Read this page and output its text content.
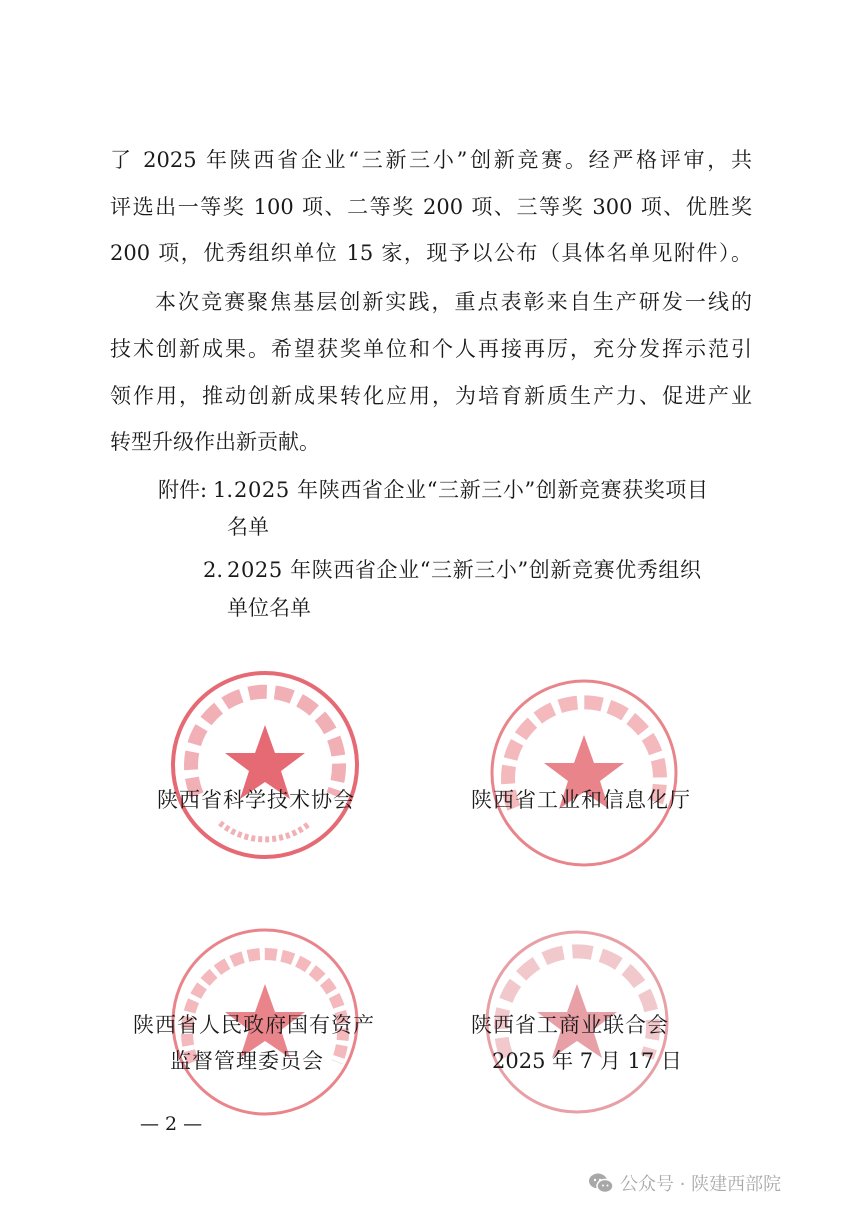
了 2025 年陕西省企业“三新三小”创新竞赛。经严格评审，共
评选出一等奖 100 项、二等奖 200 项、三等奖 300 项、优胜奖
200 项，优秀组织单位 15 家，现予以公布（具体名单见附件）。
本次竞赛聚焦基层创新实践，重点表彰来自生产研发一线的
技术创新成果。希望获奖单位和个人再接再厉，充分发挥示范引
领作用，推动创新成果转化应用，为培育新质生产力、促进产业
转型升级作出新贡献。
附件: 1. 2025 年陕西省企业“三新三小”创新竞赛获奖项目
名单
2. 2025 年陕西省企业“三新三小”创新竞赛优秀组织
单位名单
陕西省科学技术协会	陕西省工业和信息化厅
陕西省人民政府国有资产
监督管理委员会
陕西省工商业联合会
2025 年 7 月 17 日
— 2 —
公众号 · 陕建西部院
